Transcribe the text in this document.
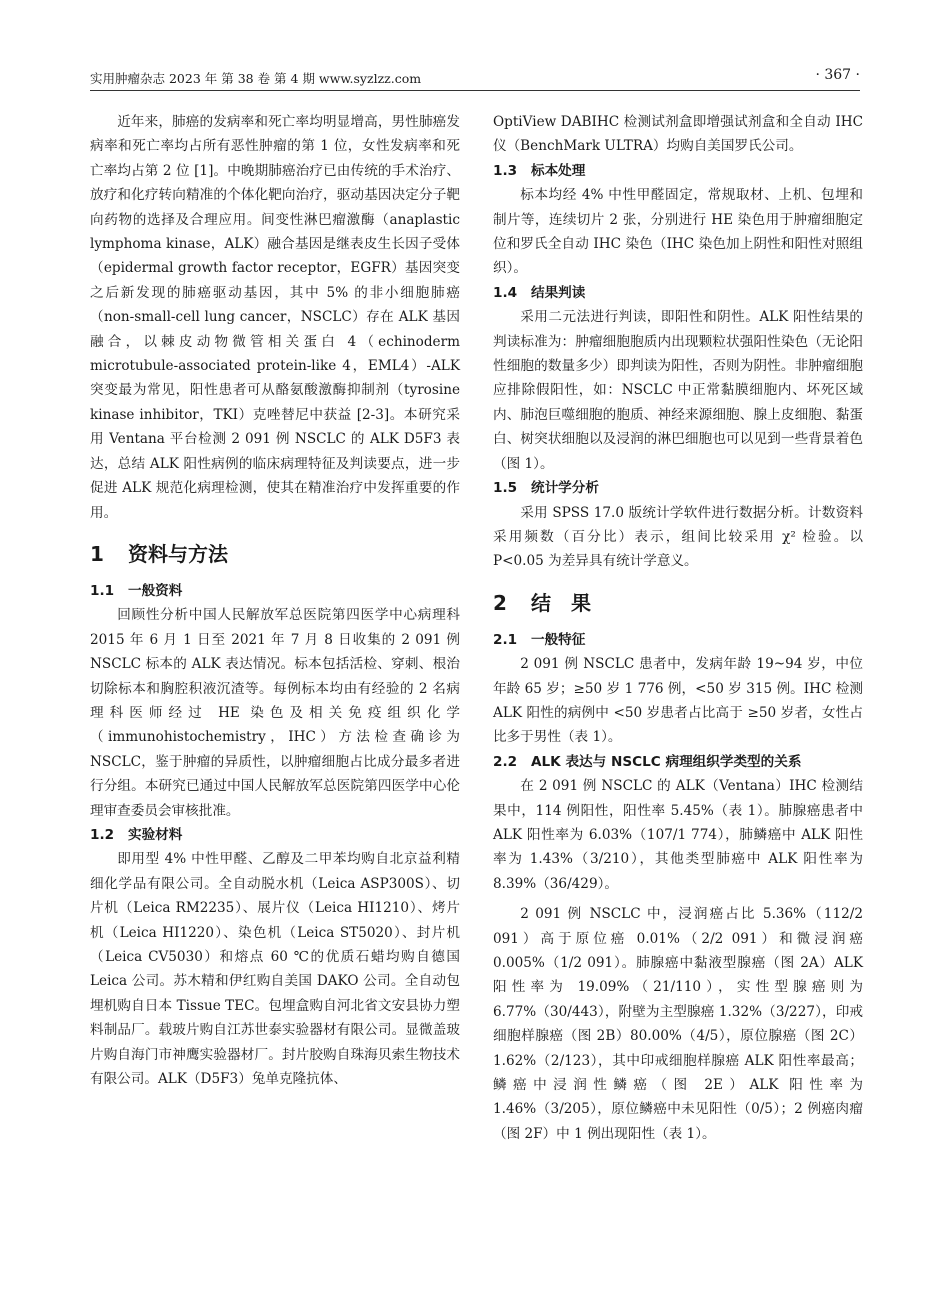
实用肿瘤杂志 2023 年 第 38 卷 第 4 期 www.syzlzz.com	· 367 ·

近年来，肺癌的发病率和死亡率均明显增高，男性肺癌发病率和死亡率均占所有恶性肿瘤的第 1 位，女性发病率和死亡率均占第 2 位 [1]。中晚期肺癌治疗已由传统的手术治疗、放疗和化疗转向精准的个体化靶向治疗，驱动基因决定分子靶向药物的选择及合理应用。间变性淋巴瘤激酶（anaplastic lymphoma kinase，ALK）融合基因是继表皮生长因子受体（epidermal growth factor receptor，EGFR）基因突变之后新发现的肺癌驱动基因，其中 5% 的非小细胞肺癌（non-small-cell lung cancer，NSCLC）存在 ALK 基因融合，以棘皮动物微管相关蛋白 4（echinoderm microtubule-associated protein-like 4，EML4）-ALK 突变最为常见，阳性患者可从酪氨酸激酶抑制剂（tyrosine kinase inhibitor，TKI）克唑替尼中获益 [2-3]。本研究采用 Ventana 平台检测 2 091 例 NSCLC 的 ALK D5F3 表达，总结 ALK 阳性病例的临床病理特征及判读要点，进一步促进 ALK 规范化病理检测，使其在精准治疗中发挥重要的作用。

1 资料与方法
1.1 一般资料

回顾性分析中国人民解放军总医院第四医学中心病理科 2015 年 6 月 1 日至 2021 年 7 月 8 日收集的 2 091 例 NSCLC 标本的 ALK 表达情况。标本包括活检、穿刺、根治切除标本和胸腔积液沉渣等。每例标本均由有经验的 2 名病理科医师经过 HE 染色及相关免疫组织化学（immunohistochemistry，IHC）方法检查确诊为 NSCLC，鉴于肿瘤的异质性，以肿瘤细胞占比成分最多者进行分组。本研究已通过中国人民解放军总医院第四医学中心伦理审查委员会审核批准。

1.2 实验材料

即用型 4% 中性甲醛、乙醇及二甲苯均购自北京益利精细化学品有限公司。全自动脱水机（Leica ASP300S）、切片机（Leica RM2235）、展片仪（Leica HI1210）、烤片机（Leica HI1220）、染色机（Leica ST5020）、封片机（Leica CV5030）和熔点 60 ℃的优质石蜡均购自德国 Leica 公司。苏木精和伊红购自美国 DAKO 公司。全自动包埋机购自日本 Tissue TEC。包埋盒购自河北省文安县协力塑料制品厂。载玻片购自江苏世泰实验器材有限公司。显微盖玻片购自海门市神鹰实验器材厂。封片胶购自珠海贝索生物技术有限公司。ALK（D5F3）兔单克隆抗体、

OptiView DABIHC 检测试剂盒即增强试剂盒和全自动 IHC 仪（BenchMark ULTRA）均购自美国罗氏公司。

1.3 标本处理

标本均经 4% 中性甲醛固定，常规取材、上机、包埋和制片等，连续切片 2 张，分别进行 HE 染色用于肿瘤细胞定位和罗氏全自动 IHC 染色（IHC 染色加上阴性和阳性对照组织）。

1.4 结果判读

采用二元法进行判读，即阳性和阴性。ALK 阳性结果的判读标准为：肿瘤细胞胞质内出现颗粒状强阳性染色（无论阳性细胞的数量多少）即判读为阳性，否则为阴性。非肿瘤细胞应排除假阳性，如：NSCLC 中正常黏膜细胞内、坏死区域内、肺泡巨噬细胞的胞质、神经来源细胞、腺上皮细胞、黏蛋白、树突状细胞以及浸润的淋巴细胞也可以见到一些背景着色（图 1）。

1.5 统计学分析

采用 SPSS 17.0 版统计学软件进行数据分析。计数资料采用频数（百分比）表示，组间比较采用 χ² 检验。以 P<0.05 为差异具有统计学意义。

2 结　果
2.1 一般特征

2 091 例 NSCLC 患者中，发病年龄 19~94 岁，中位年龄 65 岁；≥50 岁 1 776 例，<50 岁 315 例。IHC 检测 ALK 阳性的病例中 <50 岁患者占比高于 ≥50 岁者，女性占比多于男性（表 1）。

2.2 ALK 表达与 NSCLC 病理组织学类型的关系

在 2 091 例 NSCLC 的 ALK（Ventana）IHC 检测结果中，114 例阳性，阳性率 5.45%（表 1）。肺腺癌患者中 ALK 阳性率为 6.03%（107/1 774），肺鳞癌中 ALK 阳性率为 1.43%（3/210），其他类型肺癌中 ALK 阳性率为 8.39%（36/429）。

2 091 例 NSCLC 中，浸润癌占比 5.36%（112/2 091）高于原位癌 0.01%（2/2 091）和微浸润癌 0.005%（1/2 091）。肺腺癌中黏液型腺癌（图 2A）ALK 阳性率为 19.09%（21/110），实性型腺癌则为 6.77%（30/443），附壁为主型腺癌 1.32%（3/227），印戒细胞样腺癌（图 2B）80.00%（4/5），原位腺癌（图 2C）1.62%（2/123），其中印戒细胞样腺癌 ALK 阳性率最高；鳞癌中浸润性鳞癌（图 2E）ALK 阳性率为 1.46%（3/205），原位鳞癌中未见阳性（0/5）；2 例癌肉瘤（图 2F）中 1 例出现阳性（表 1）。
